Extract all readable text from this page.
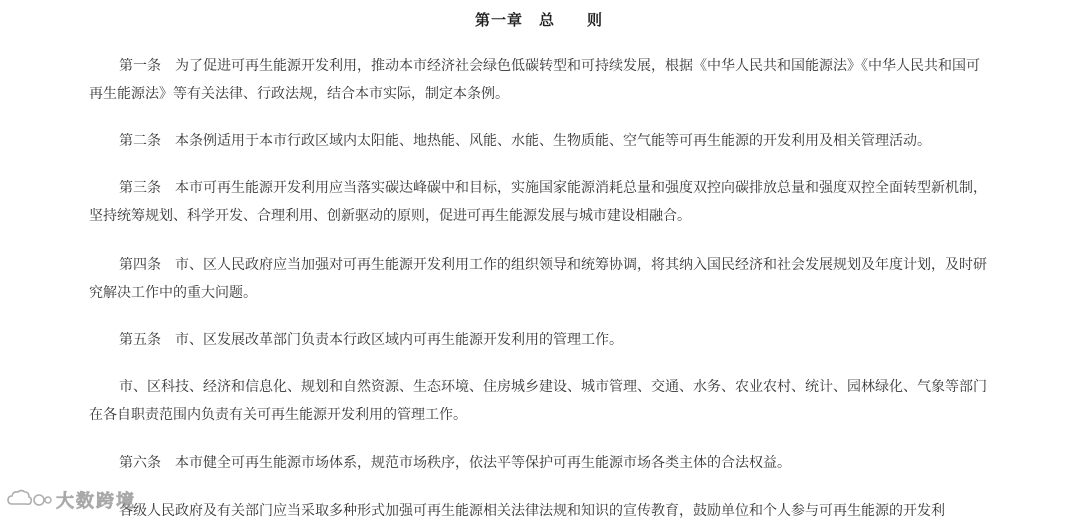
第一章　总　　则

第一条　 为了促进可再生能源开发利用，推动本市经济社会绿色低碳转型和可持续发展，根据《中华人民共和国能源法》《中华人民共和国可再生能源法》等有关法律、行政法规，结合本市实际，制定本条例。

第二条　 本条例适用于本市行政区域内太阳能、地热能、风能、水能、生物质能、空气能等可再生能源的开发利用及相关管理活动。

第三条　 本市可再生能源开发利用应当落实碳达峰碳中和目标，实施国家能源消耗总量和强度双控向碳排放总量和强度双控全面转型新机制，坚持统筹规划、科学开发、合理利用、创新驱动的原则，促进可再生能源发展与城市建设相融合。

第四条　 市、区人民政府应当加强对可再生能源开发利用工作的组织领导和统筹协调，将其纳入国民经济和社会发展规划及年度计划，及时研究解决工作中的重大问题。

第五条　 市、区发展改革部门负责本行政区域内可再生能源开发利用的管理工作。

市、区科技、经济和信息化、规划和自然资源、生态环境、住房城乡建设、城市管理、交通、水务、农业农村、统计、园林绿化、气象等部门在各自职责范围内负责有关可再生能源开发利用的管理工作。

第六条　 本市健全可再生能源市场体系，规范市场秩序，依法平等保护可再生能源市场各类主体的合法权益。

各级人民政府及有关部门应当采取多种形式加强可再生能源相关法律法规和知识的宣传教育，鼓励单位和个人参与可再生能源的开发利

大数跨境
